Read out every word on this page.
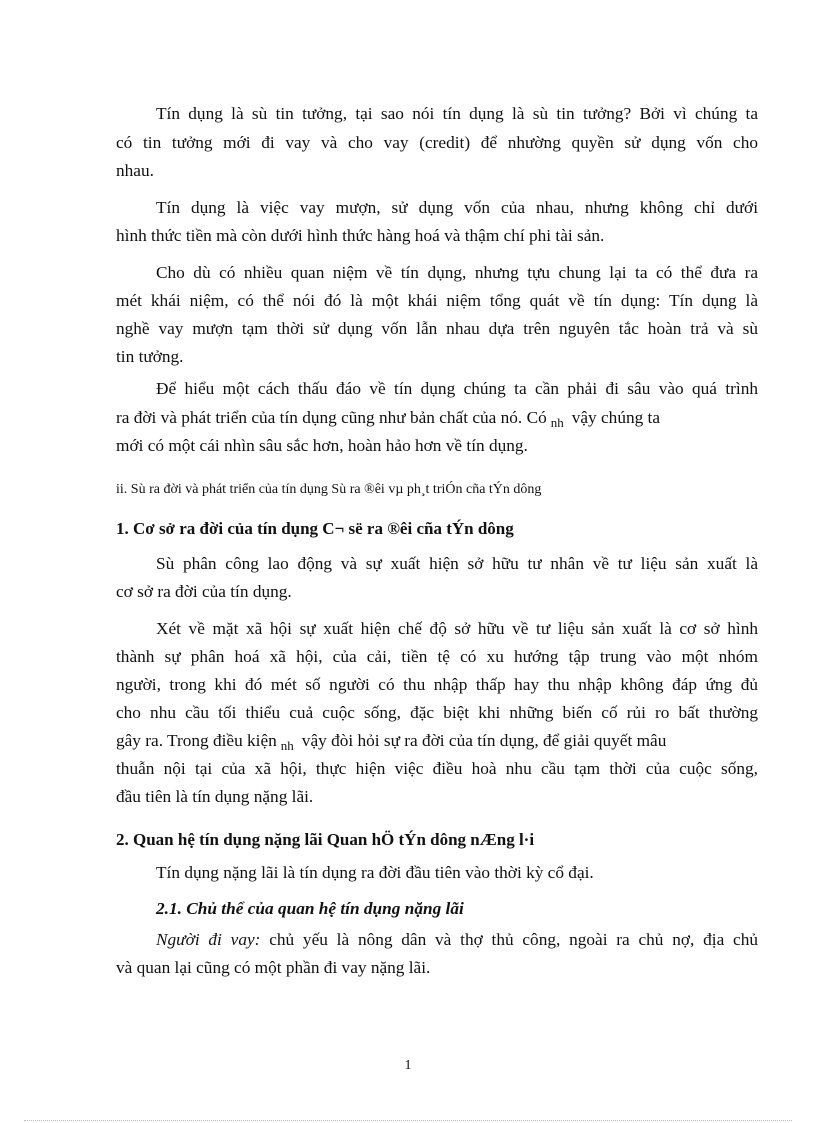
Tín dụng là sù tin tưởng, tại sao nói tín dụng là sù tin tưởng? Bởi vì chúng ta
có tin tưởng mới đi vay và cho vay (credit) để nhường quyền sử dụng vốn cho
nhau.
Tín dụng là việc vay mượn, sử dụng vốn của nhau, nhưng không chỉ dưới
hình thức tiền mà còn dưới hình thức hàng hoá và thậm chí phi tài sản.
Cho dù có nhiều quan niệm về tín dụng, nhưng tựu chung lại ta có thể đưa ra
mét khái niệm, có thể nói đó là một khái niệm tổng quát về tín dụng: Tín dụng là
nghề vay mượn tạm thời sử dụng vốn lẫn nhau dựa trên nguyên tắc hoàn trả và sù
tin tưởng.
Để hiểu một cách thấu đáo về tín dụng chúng ta cần phải đi sâu vào quá trình
ra đời và phát triển của tín dụng cũng như bản chất của nó. Có $_{nh}$ vậy chúng ta
mới có một cái nhìn sâu sắc hơn, hoàn hảo hơn về tín dụng.
ii. Sù ra đời và phát triển của tín dụng Sù ra ®êi vµ ph¸t triÓn cña tÝn dông
1. Cơ sở ra đời của tín dụng C¬ së ra ®êi cña tÝn dông
Sù phân công lao động và sự xuất hiện sở hữu tư nhân về tư liệu sản xuất là
cơ sở ra đời của tín dụng.
Xét về mặt xã hội sự xuất hiện chế độ sở hữu về tư liệu sản xuất là cơ sở hình
thành sự phân hoá xã hội, của cải, tiền tệ có xu hướng tập trung vào một nhóm
người, trong khi đó mét số người có thu nhập thấp hay thu nhập không đáp ứng đủ
cho nhu cầu tối thiểu cuả cuộc sống, đặc biệt khi những biến cố rủi ro bất thường
gây ra. Trong điều kiện $_{nh}$ vậy đòi hỏi sự ra đời của tín dụng, để giải quyết mâu
thuẫn nội tại của xã hội, thực hiện việc điều hoà nhu cầu tạm thời của cuộc sống,
đầu tiên là tín dụng nặng lãi.
2. Quan hệ tín dụng nặng lãi Quan hÖ tÝn dông nÆng l·i
Tín dụng nặng lãi là tín dụng ra đời đầu tiên vào thời kỳ cổ đại.
2.1. Chủ thể của quan hệ tín dụng nặng lãi
Người đi vay: chủ yếu là nông dân và thợ thủ công, ngoài ra chủ nợ, địa chủ
và quan lại cũng có một phần đi vay nặng lãi.
1
